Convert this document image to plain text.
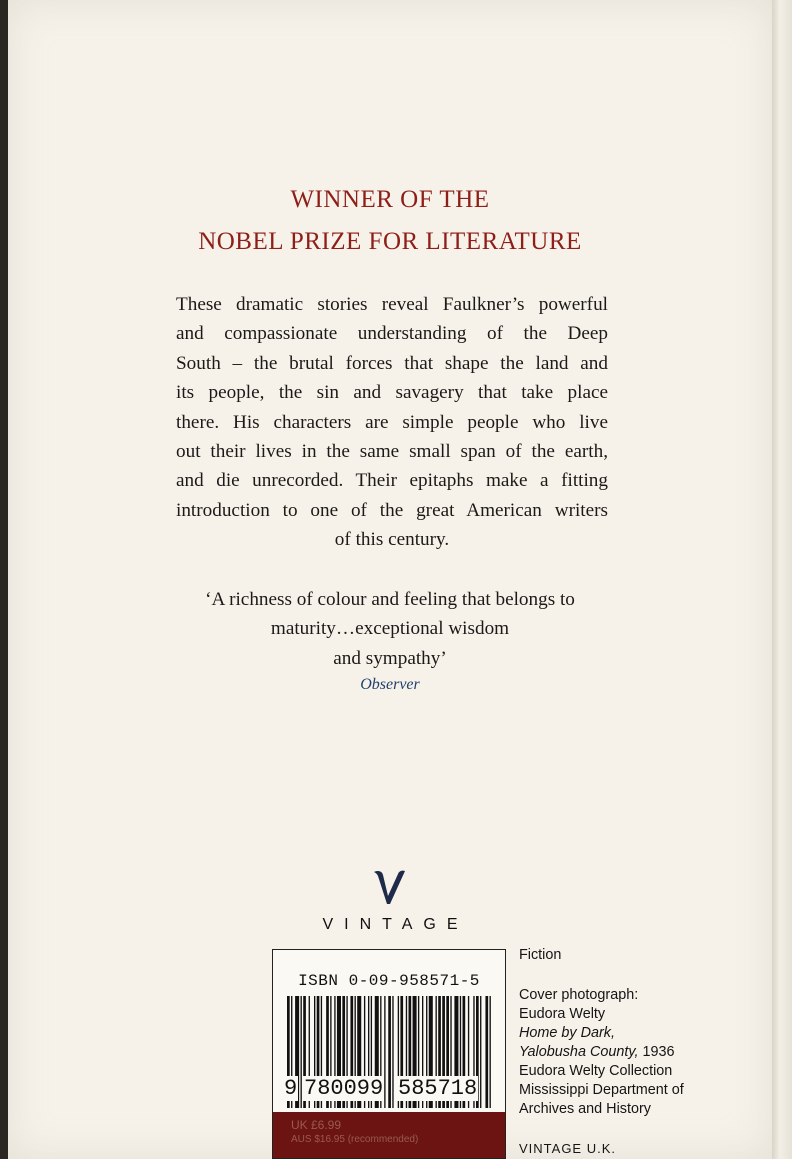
WINNER OF THE
NOBEL PRIZE FOR LITERATURE
These dramatic stories reveal Faulkner’s powerful
and compassionate understanding of the Deep
South – the brutal forces that shape the land and
its people, the sin and savagery that take place
there. His characters are simple people who live
out their lives in the same small span of the earth,
and die unrecorded. Their epitaphs make a fitting
introduction to one of the great American writers
of this century.
‘A richness of colour and feeling that belongs to
maturity…exceptional wisdom
and sympathy’
Observer
VINTAGE
ISBN 0-09-958571-5
9 780099 585718
UK £6.99
AUS $16.95 (recommended)
Fiction
Cover photograph:
Eudora Welty
Home by Dark,
Yalobusha County, 1936
Eudora Welty Collection
Mississippi Department of
Archives and History
VINTAGE U.K.
